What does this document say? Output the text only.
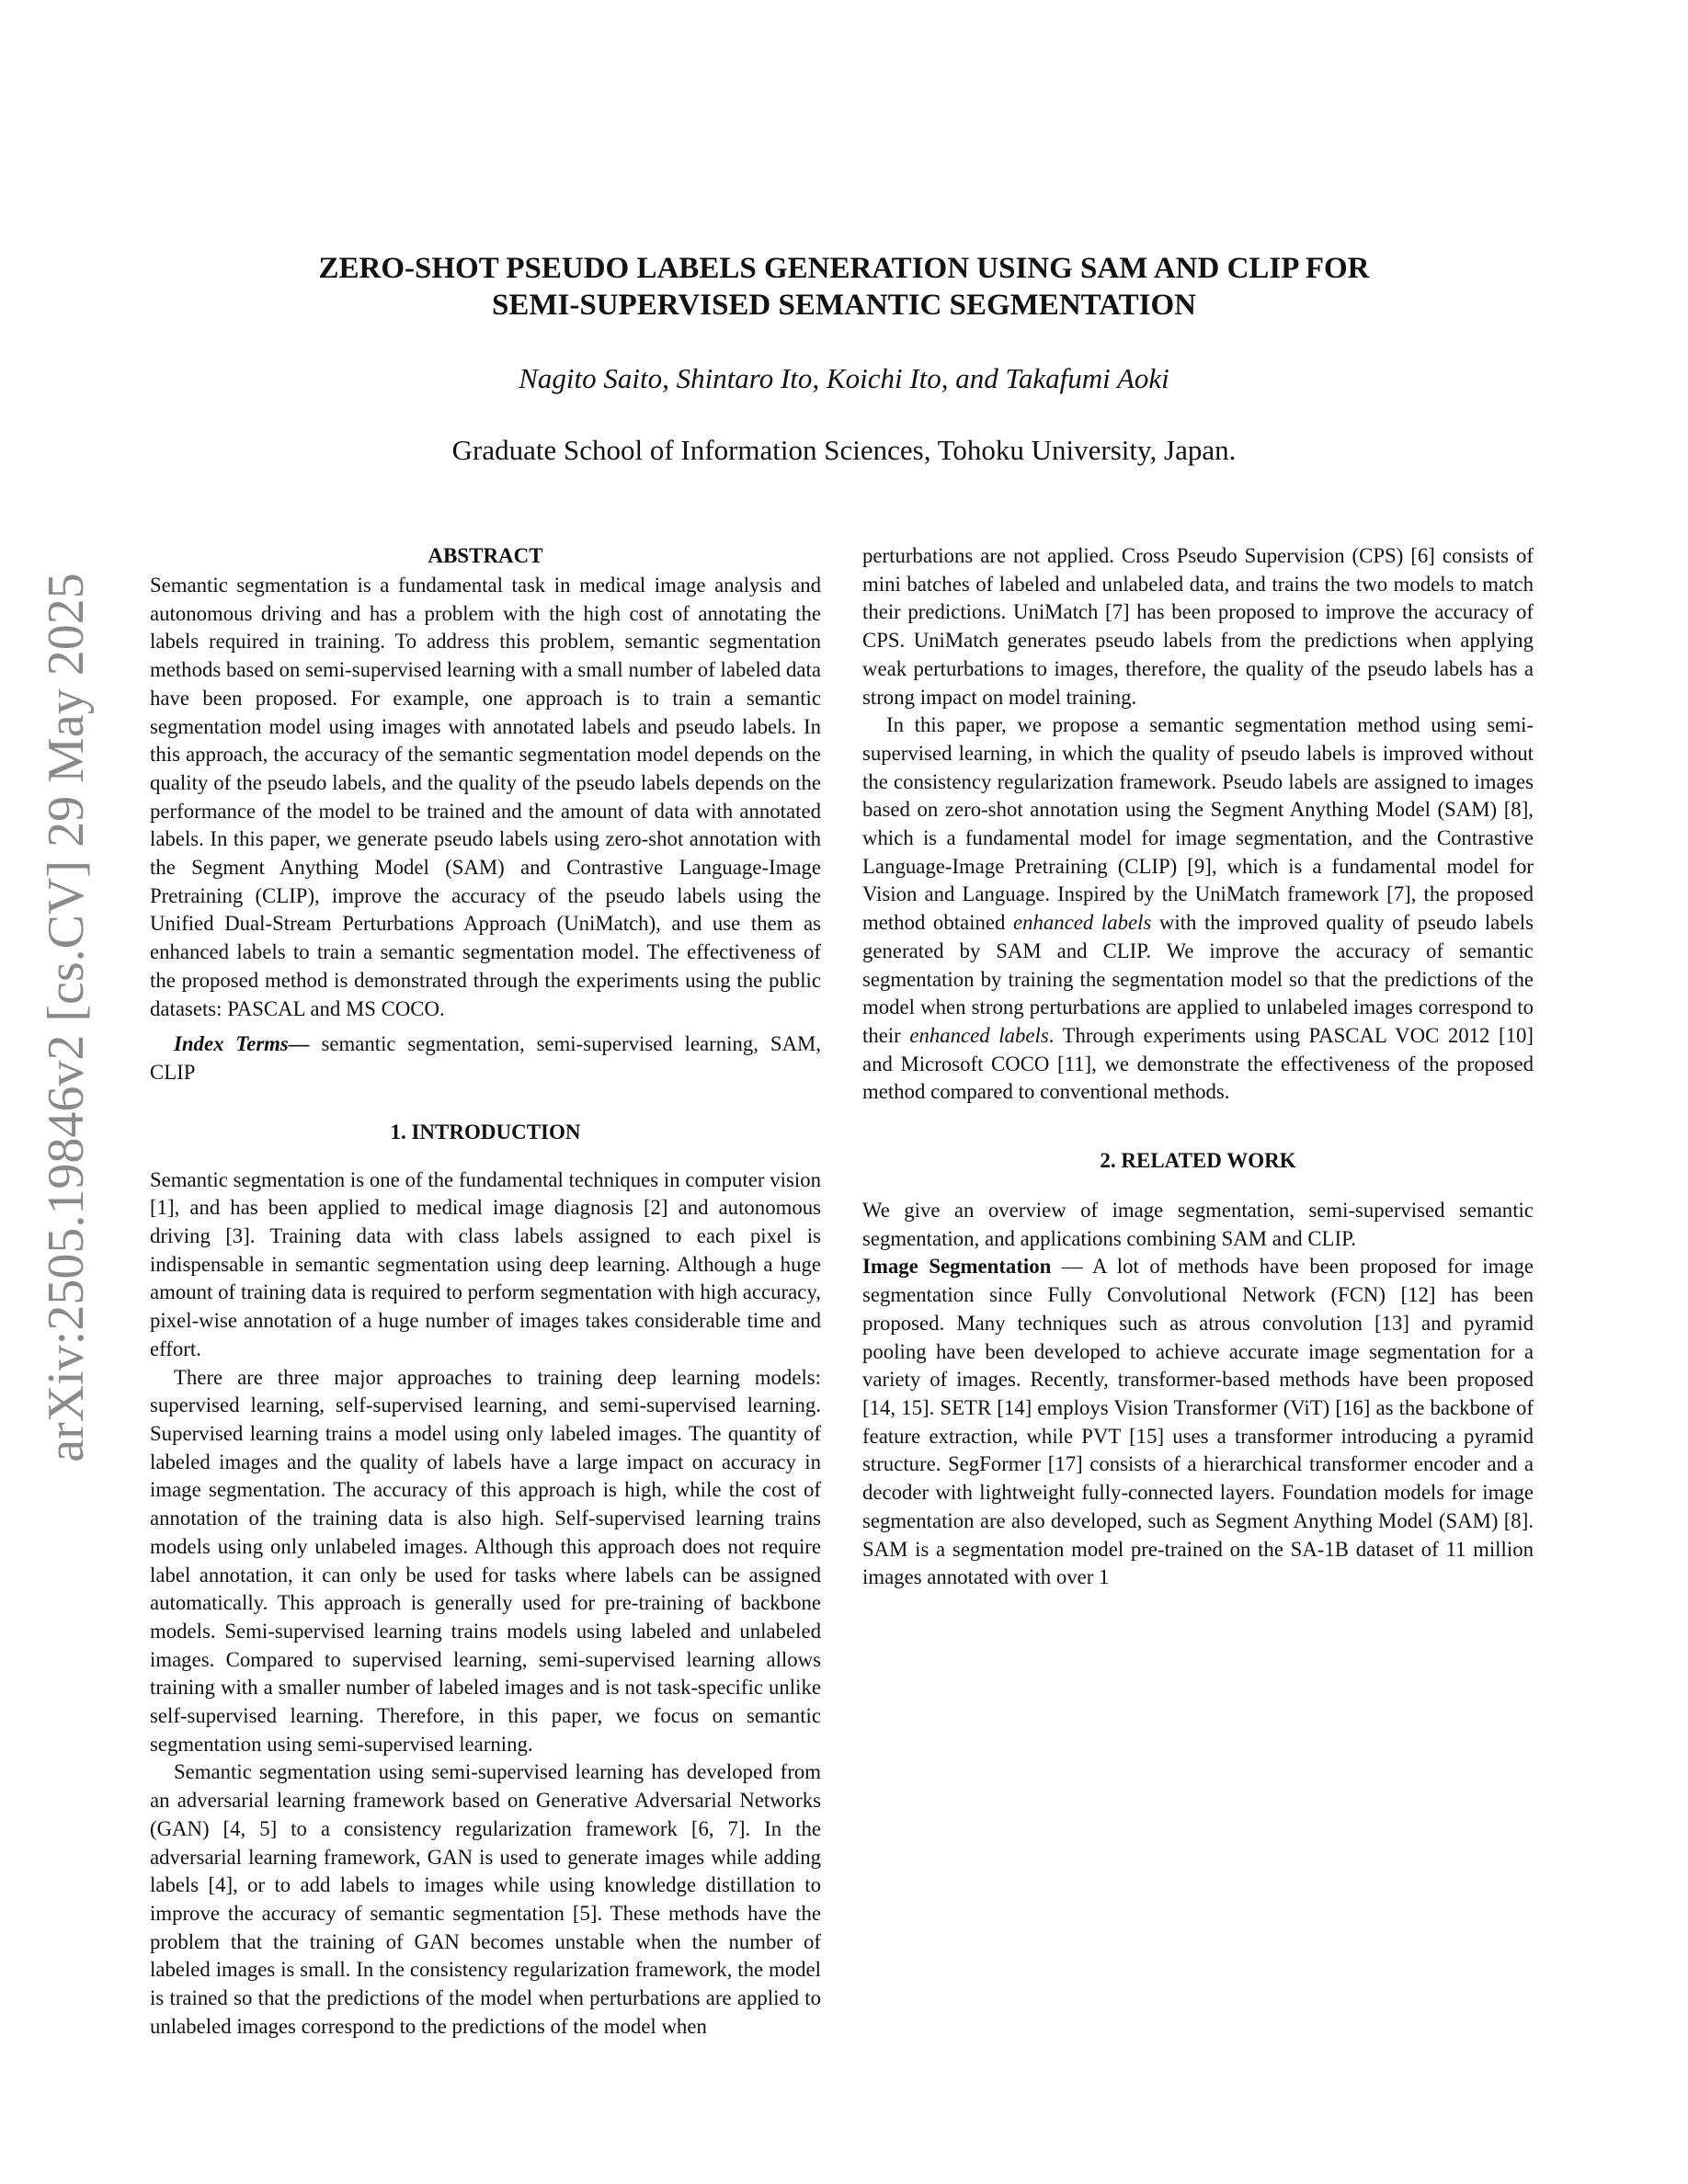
arXiv:2505.19846v2 [cs.CV] 29 May 2025
ZERO-SHOT PSEUDO LABELS GENERATION USING SAM AND CLIP FOR
SEMI-SUPERVISED SEMANTIC SEGMENTATION
Nagito Saito, Shintaro Ito, Koichi Ito, and Takafumi Aoki
Graduate School of Information Sciences, Tohoku University, Japan.

ABSTRACT

Semantic segmentation is a fundamental task in medical image analysis and autonomous driving and has a problem with the high cost of annotating the labels required in training. To address this problem, semantic segmentation methods based on semi-supervised learning with a small number of labeled data have been proposed. For example, one approach is to train a semantic segmentation model using images with annotated labels and pseudo labels. In this approach, the accuracy of the semantic segmentation model depends on the quality of the pseudo labels, and the quality of the pseudo labels depends on the performance of the model to be trained and the amount of data with annotated labels. In this paper, we generate pseudo labels using zero-shot annotation with the Segment Anything Model (SAM) and Contrastive Language-Image Pretraining (CLIP), improve the accuracy of the pseudo labels using the Unified Dual-Stream Perturbations Approach (UniMatch), and use them as enhanced labels to train a semantic segmentation model. The effectiveness of the proposed method is demonstrated through the experiments using the public datasets: PASCAL and MS COCO.

Index Terms— semantic segmentation, semi-supervised learning, SAM, CLIP

1. INTRODUCTION

Semantic segmentation is one of the fundamental techniques in computer vision [1], and has been applied to medical image diagnosis [2] and autonomous driving [3]. Training data with class labels assigned to each pixel is indispensable in semantic segmentation using deep learning. Although a huge amount of training data is required to perform segmentation with high accuracy, pixel-wise annotation of a huge number of images takes considerable time and effort.

There are three major approaches to training deep learning models: supervised learning, self-supervised learning, and semi-supervised learning. Supervised learning trains a model using only labeled images. The quantity of labeled images and the quality of labels have a large impact on accuracy in image segmentation. The accuracy of this approach is high, while the cost of annotation of the training data is also high. Self-supervised learning trains models using only unlabeled images. Although this approach does not require label annotation, it can only be used for tasks where labels can be assigned automatically. This approach is generally used for pre-training of backbone models. Semi-supervised learning trains models using labeled and unlabeled images. Compared to supervised learning, semi-supervised learning allows training with a smaller number of labeled images and is not task-specific unlike self-supervised learning. Therefore, in this paper, we focus on semantic segmentation using semi-supervised learning.

Semantic segmentation using semi-supervised learning has developed from an adversarial learning framework based on Generative Adversarial Networks (GAN) [4, 5] to a consistency regularization framework [6, 7]. In the adversarial learning framework, GAN is used to generate images while adding labels [4], or to add labels to images while using knowledge distillation to improve the accuracy of semantic segmentation [5]. These methods have the problem that the training of GAN becomes unstable when the number of labeled images is small. In the consistency regularization framework, the model is trained so that the predictions of the model when perturbations are applied to unlabeled images correspond to the predictions of the model when

perturbations are not applied. Cross Pseudo Supervision (CPS) [6] consists of mini batches of labeled and unlabeled data, and trains the two models to match their predictions. UniMatch [7] has been proposed to improve the accuracy of CPS. UniMatch generates pseudo labels from the predictions when applying weak perturbations to images, therefore, the quality of the pseudo labels has a strong impact on model training.

In this paper, we propose a semantic segmentation method using semi-supervised learning, in which the quality of pseudo labels is improved without the consistency regularization framework. Pseudo labels are assigned to images based on zero-shot annotation using the Segment Anything Model (SAM) [8], which is a fundamental model for image segmentation, and the Contrastive Language-Image Pretraining (CLIP) [9], which is a fundamental model for Vision and Language. Inspired by the UniMatch framework [7], the proposed method obtained enhanced labels with the improved quality of pseudo labels generated by SAM and CLIP. We improve the accuracy of semantic segmentation by training the segmentation model so that the predictions of the model when strong perturbations are applied to unlabeled images correspond to their enhanced labels. Through experiments using PASCAL VOC 2012 [10] and Microsoft COCO [11], we demonstrate the effectiveness of the proposed method compared to conventional methods.

2. RELATED WORK

We give an overview of image segmentation, semi-supervised semantic segmentation, and applications combining SAM and CLIP.

Image Segmentation — A lot of methods have been proposed for image segmentation since Fully Convolutional Network (FCN) [12] has been proposed. Many techniques such as atrous convolution [13] and pyramid pooling have been developed to achieve accurate image segmentation for a variety of images. Recently, transformer-based methods have been proposed [14, 15]. SETR [14] employs Vision Transformer (ViT) [16] as the backbone of feature extraction, while PVT [15] uses a transformer introducing a pyramid structure. SegFormer [17] consists of a hierarchical transformer encoder and a decoder with lightweight fully-connected layers. Foundation models for image segmentation are also developed, such as Segment Anything Model (SAM) [8]. SAM is a segmentation model pre-trained on the SA-1B dataset of 11 million images annotated with over 1
